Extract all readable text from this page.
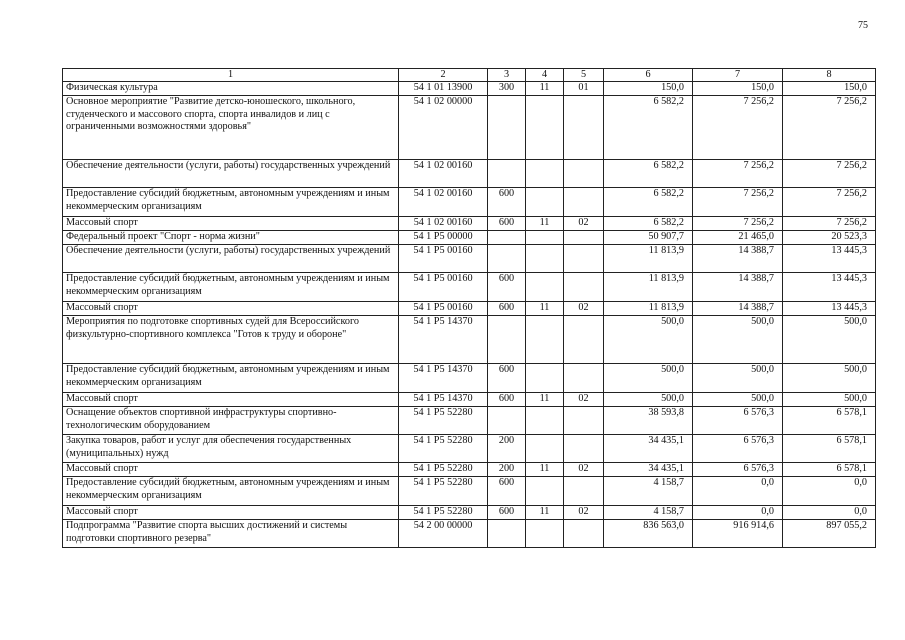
75
1	2	3	4	5	6	7	8
Физическая культура	54 1 01 13900	300	11	01	150,0	150,0	150,0
Основное мероприятие "Развитие детско-юношеского, школьного, студенческого и массового спорта, спорта инвалидов и лиц с ограниченными возможностями здоровья"	54 1 02 00000				6 582,2	7 256,2	7 256,2
Обеспечение деятельности (услуги, работы) государственных учреждений	54 1 02 00160				6 582,2	7 256,2	7 256,2
Предоставление субсидий бюджетным, автономным учреждениям и иным некоммерческим организациям	54 1 02 00160	600			6 582,2	7 256,2	7 256,2
Массовый спорт	54 1 02 00160	600	11	02	6 582,2	7 256,2	7 256,2
Федеральный проект "Спорт - норма жизни"	54 1 P5 00000				50 907,7	21 465,0	20 523,3
Обеспечение деятельности (услуги, работы) государственных учреждений	54 1 P5 00160				11 813,9	14 388,7	13 445,3
Предоставление субсидий бюджетным, автономным учреждениям и иным некоммерческим организациям	54 1 P5 00160	600			11 813,9	14 388,7	13 445,3
Массовый спорт	54 1 P5 00160	600	11	02	11 813,9	14 388,7	13 445,3
Мероприятия по подготовке спортивных судей для Всероссийского физкультурно-спортивного комплекса "Готов к труду и обороне"	54 1 P5 14370				500,0	500,0	500,0
Предоставление субсидий бюджетным, автономным учреждениям и иным некоммерческим организациям	54 1 P5 14370	600			500,0	500,0	500,0
Массовый спорт	54 1 P5 14370	600	11	02	500,0	500,0	500,0
Оснащение объектов спортивной инфраструктуры спортивно-технологическим оборудованием	54 1 P5 52280				38 593,8	6 576,3	6 578,1
Закупка товаров, работ и услуг для обеспечения государственных (муниципальных) нужд	54 1 P5 52280	200			34 435,1	6 576,3	6 578,1
Массовый спорт	54 1 P5 52280	200	11	02	34 435,1	6 576,3	6 578,1
Предоставление субсидий бюджетным, автономным учреждениям и иным некоммерческим организациям	54 1 P5 52280	600			4 158,7	0,0	0,0
Массовый спорт	54 1 P5 52280	600	11	02	4 158,7	0,0	0,0
Подпрограмма "Развитие спорта высших достижений и системы подготовки спортивного резерва"	54 2 00 00000				836 563,0	916 914,6	897 055,2
